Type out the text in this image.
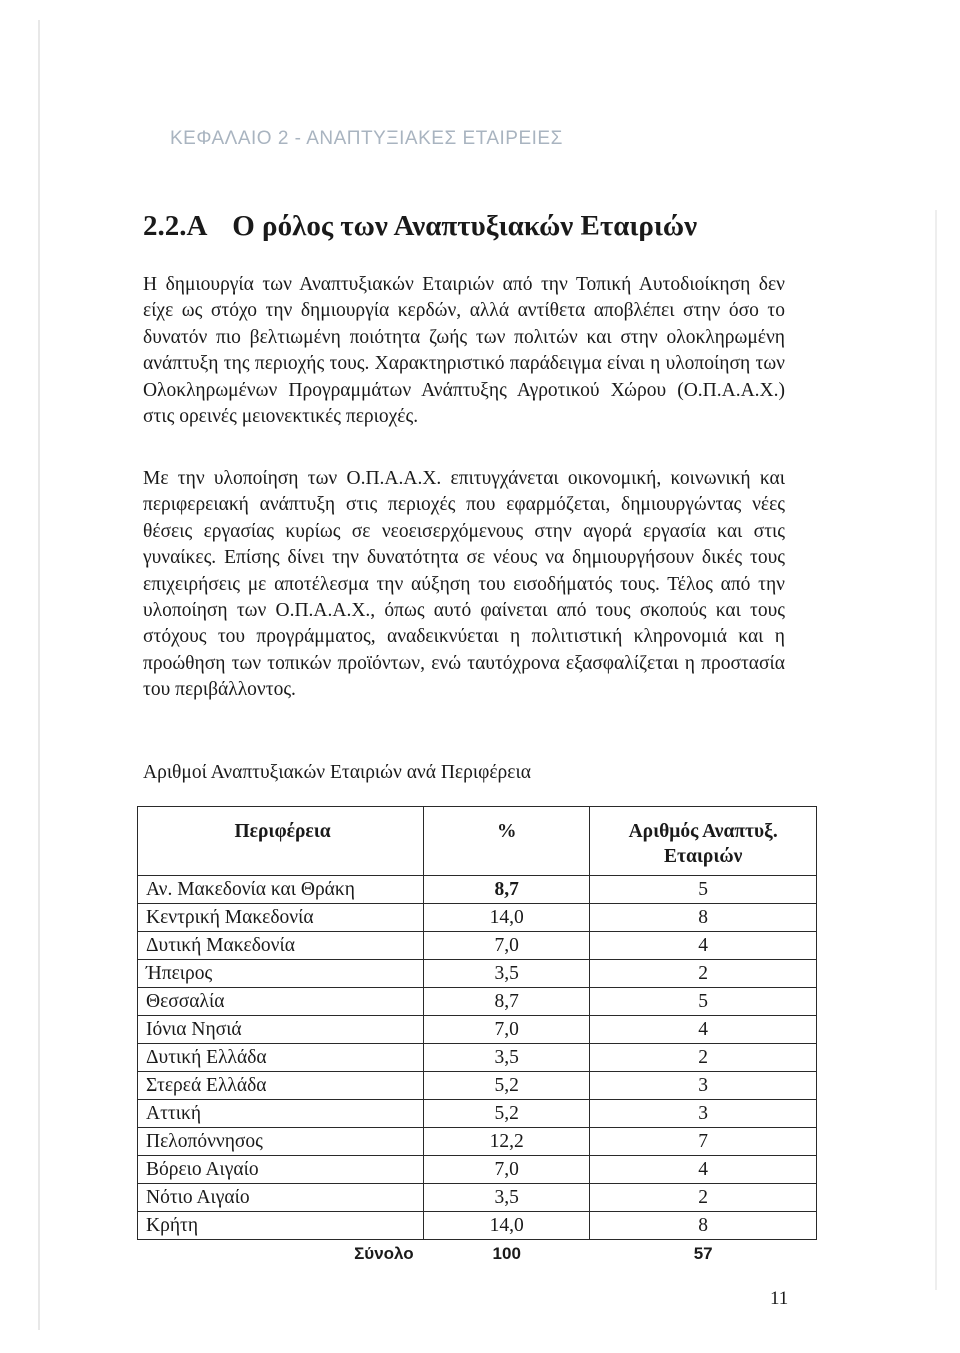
ΚΕΦΑΛΑΙΟ 2 - ΑΝΑΠΤΥΞΙΑΚΕΣ ΕΤΑΙΡΕΙΕΣ
2.2.Α Ο ρόλος των Αναπτυξιακών Εταιριών

Η δημιουργία των Αναπτυξιακών Εταιριών από την Τοπική Αυτοδιοίκηση δεν είχε ως στόχο την δημιουργία κερδών, αλλά αντίθετα αποβλέπει στην όσο το δυνατόν πιο βελτιωμένη ποιότητα ζωής των πολιτών και στην ολοκληρωμένη ανάπτυξη της περιοχής τους. Χαρακτηριστικό παράδειγμα είναι η υλοποίηση των Ολοκληρωμένων Προγραμμάτων Ανάπτυξης Αγροτικού Χώρου (Ο.Π.Α.Α.Χ.) στις ορεινές μειονεκτικές περιοχές.

Με την υλοποίηση των Ο.Π.Α.Α.Χ. επιτυγχάνεται οικονομική, κοινωνική και περιφερειακή ανάπτυξη στις περιοχές που εφαρμόζεται, δημιουργώντας νέες θέσεις εργασίας κυρίως σε νεοεισερχόμενους στην αγορά εργασία και στις γυναίκες. Επίσης δίνει την δυνατότητα σε νέους να δημιουργήσουν δικές τους επιχειρήσεις με αποτέλεσμα την αύξηση του εισοδήματός τους. Τέλος από την υλοποίηση των Ο.Π.Α.Α.Χ., όπως αυτό φαίνεται από τους σκοπούς και τους στόχους του προγράμματος, αναδεικνύεται η πολιτιστική κληρονομιά και η προώθηση των τοπικών προϊόντων, ενώ ταυτόχρονα εξασφαλίζεται η προστασία του περιβάλλοντος.

Αριθμοί Αναπτυξιακών Εταιριών ανά Περιφέρεια
Περιφέρεια	%	Αριθμός Αναπτυξ. Εταιριών
Αν. Μακεδονία και Θράκη	8,7	5
Κεντρική Μακεδονία	14,0	8
Δυτική Μακεδονία	7,0	4
Ήπειρος	3,5	2
Θεσσαλία	8,7	5
Ιόνια Νησιά	7,0	4
Δυτική Ελλάδα	3,5	2
Στερεά Ελλάδα	5,2	3
Αττική	5,2	3
Πελοπόννησος	12,2	7
Βόρειο Αιγαίο	7,0	4
Νότιο Αιγαίο	3,5	2
Κρήτη	14,0	8
Σύνολο	100	57
11
